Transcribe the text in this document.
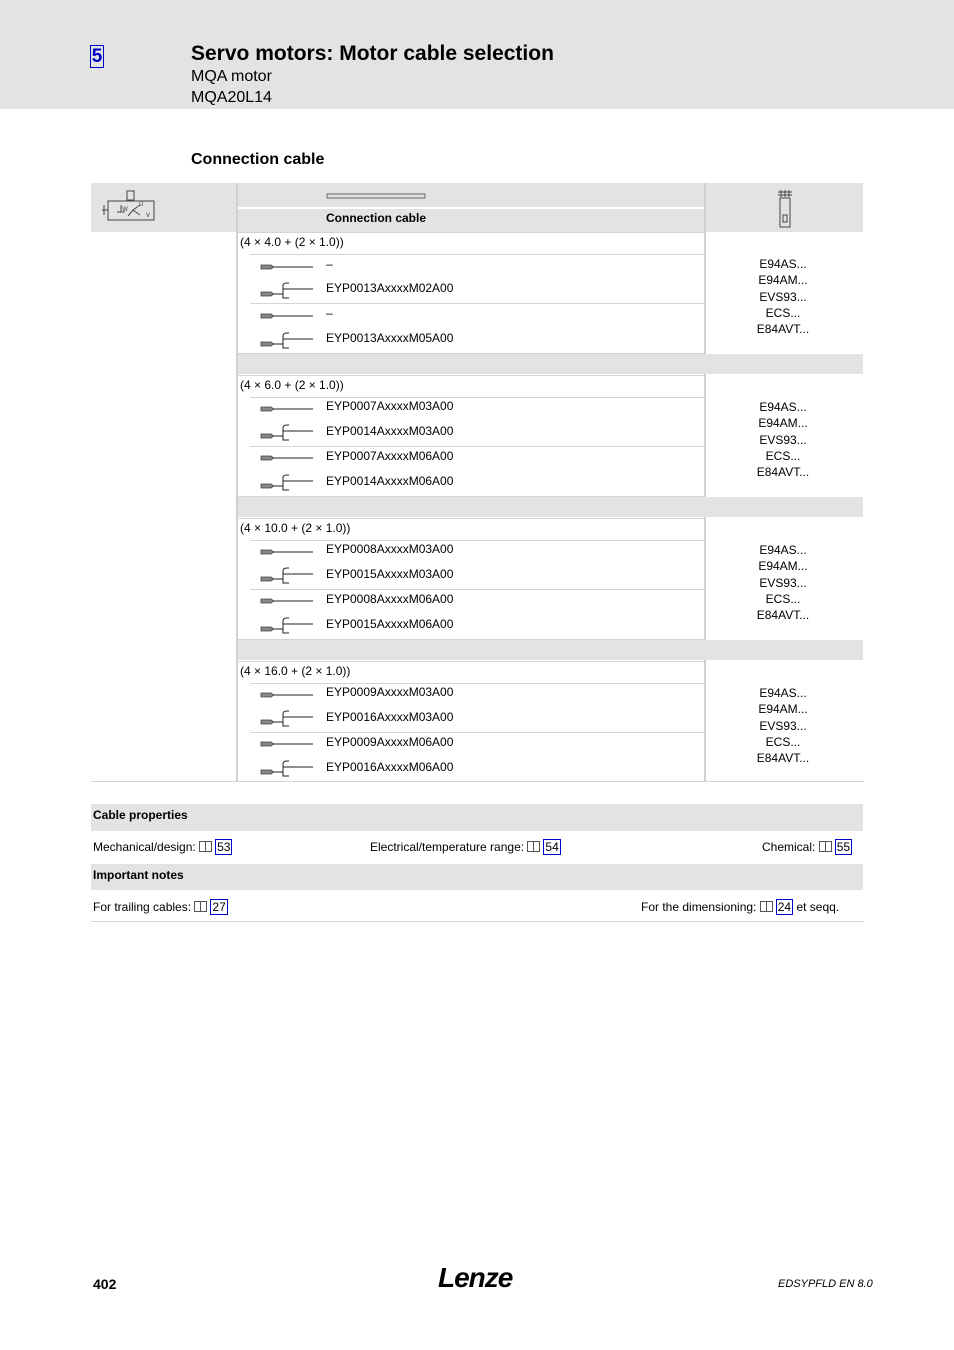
5	Servo motors: Motor cable selection
MQA motor
MQA20L14
Connection cable
Connection cable
W
U
V
(4 × 4.0 + (2 × 1.0))
–
EYP0013AxxxxM02A00
–
EYP0013AxxxxM05A00
E94AS...
E94AM...
EVS93...
ECS...
E84AVT...
(4 × 6.0 + (2 × 1.0))
EYP0007AxxxxM03A00
EYP0014AxxxxM03A00
EYP0007AxxxxM06A00
EYP0014AxxxxM06A00
E94AS...
E94AM...
EVS93...
ECS...
E84AVT...
(4 × 10.0 + (2 × 1.0))
EYP0008AxxxxM03A00
EYP0015AxxxxM03A00
EYP0008AxxxxM06A00
EYP0015AxxxxM06A00
E94AS...
E94AM...
EVS93...
ECS...
E84AVT...
(4 × 16.0 + (2 × 1.0))
EYP0009AxxxxM03A00
EYP0016AxxxxM03A00
EYP0009AxxxxM06A00
EYP0016AxxxxM06A00
E94AS...
E94AM...
EVS93...
ECS...
E84AVT...
Cable properties
Mechanical/design: 53	Electrical/temperature range: 54	Chemical: 55
Important notes
For trailing cables: 27	For the dimensioning: 24 et seqq.
402	Lenze	EDSYPFLD EN 8.0
